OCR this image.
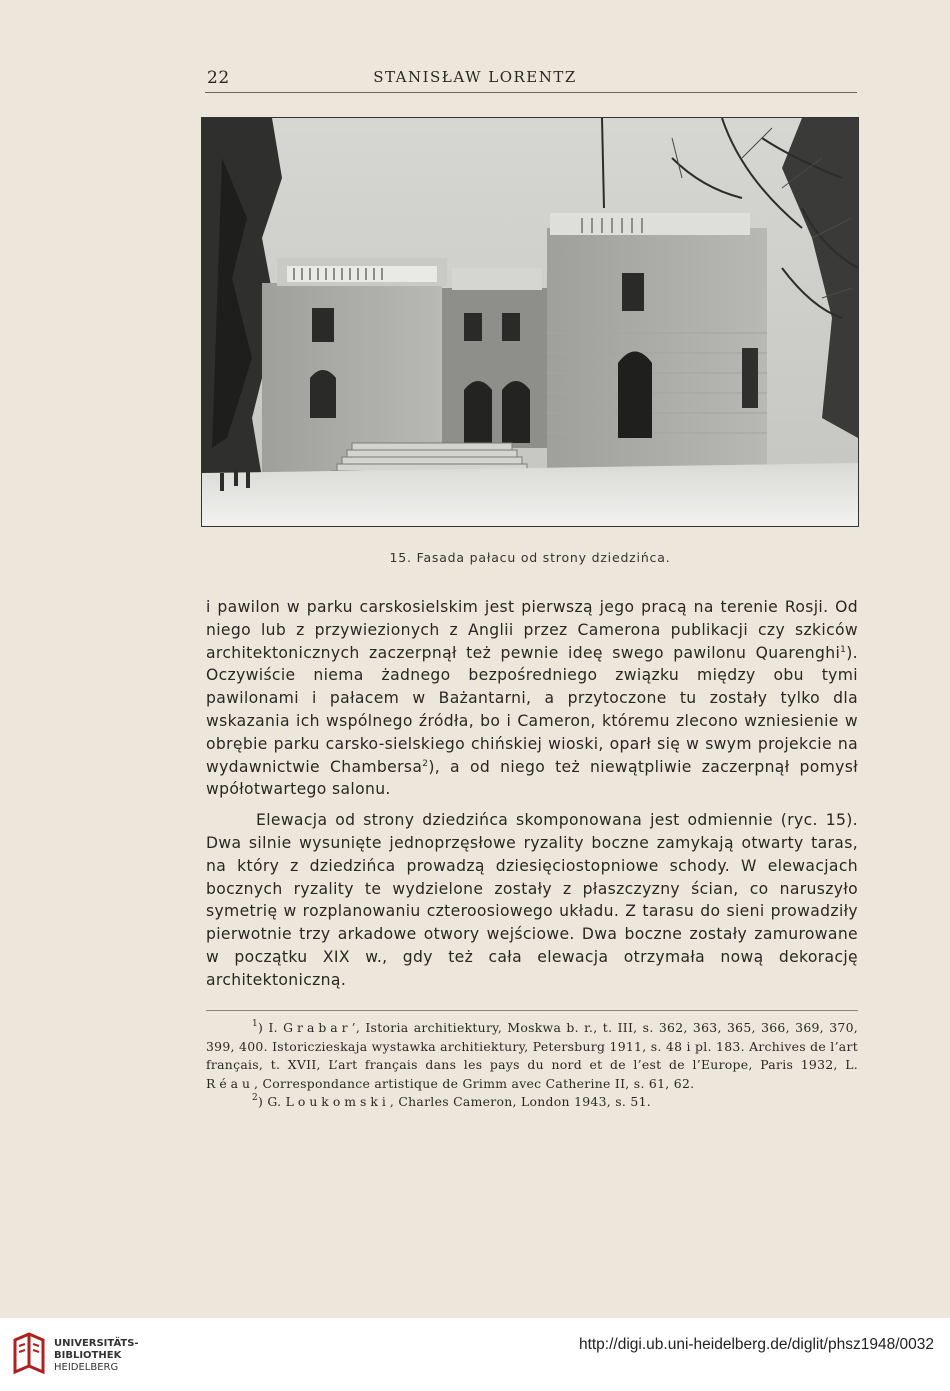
22	STANISŁAW LORENTZ
15. Fasada pałacu od strony dziedzińca.

i pawilon w parku carskosielskim jest pierwszą jego pracą na terenie Rosji. Od niego lub z przywiezionych z Anglii przez Camerona publikacji czy szkiców architektonicznych zaczerpnął też pewnie ideę swego pawilonu Quarenghi$^1$). Oczywiście niema żadnego bezpośredniego związku między obu tymi pawilonami i pałacem w Bażantarni, a przytoczone tu zostały tylko dla wskazania ich wspólnego źródła, bo i Cameron, któremu zlecono wzniesienie w obrębie parku carsko-sielskiego chińskiej wioski, oparł się w swym projekcie na wydawnictwie Chambersa$^2$), a od niego też niewątpliwie zaczerpnął pomysł wpółotwartego salonu.

Elewacja od strony dziedzińca skomponowana jest odmiennie (ryc. 15). Dwa silnie wysunięte jednoprzęsłowe ryzality boczne zamykają otwarty taras, na który z dziedzińca prowadzą dziesięciostopniowe schody. W elewacjach bocznych ryzality te wydzielone zostały z płaszczyzny ścian, co naruszyło symetrię w rozplanowaniu czteroosiowego układu. Z tarasu do sieni prowadziły pierwotnie trzy arkadowe otwory wejściowe. Dwa boczne zostały zamurowane w początku XIX w., gdy też cała elewacja otrzymała nową dekorację architektoniczną.

$^1$) I. Grabar’, Istoria architiektury, Moskwa b. r., t. III, s. 362, 363, 365, 366, 369, 370, 399, 400. Istoriczieskaja wystawka architiektury, Petersburg 1911, s. 48 i pl. 183. Archives de l’art français, t. XVII, L’art français dans les pays du nord et de l’est de l’Europe, Paris 1932, L. Réau, Correspondance artistique de Grimm avec Catherine II, s. 61, 62.

$^2$) G. Loukomski, Charles Cameron, London 1943, s. 51.

UNIVERSITÄTS-
BIBLIOTHEK
HEIDELBERG
http://digi.ub.uni-heidelberg.de/diglit/phsz1948/0032
